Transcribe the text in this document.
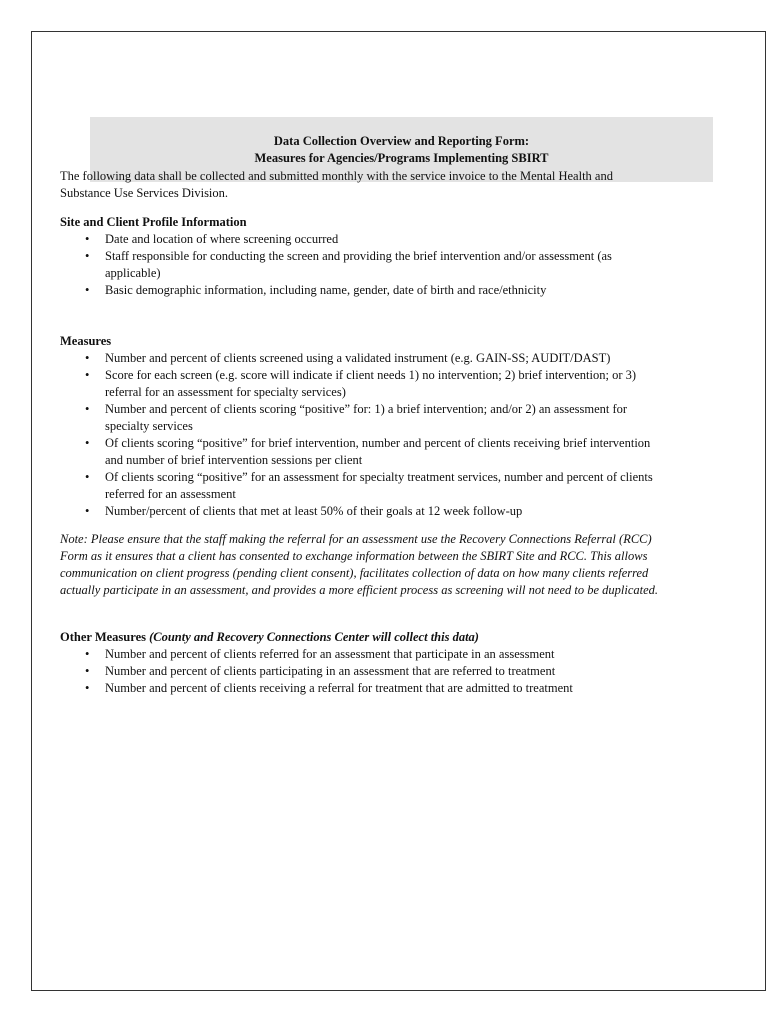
Data Collection Overview and Reporting Form:
Measures for Agencies/Programs Implementing SBIRT

The following data shall be collected and submitted monthly with the service invoice to the Mental Health and Substance Use Services Division.

Site and Client Profile Information
• Date and location of where screening occurred
• Staff responsible for conducting the screen and providing the brief intervention and/or assessment (as applicable)
• Basic demographic information, including name, gender, date of birth and race/ethnicity
Measures
• Number and percent of clients screened using a validated instrument (e.g. GAIN-SS; AUDIT/DAST)
• Score for each screen (e.g. score will indicate if client needs 1) no intervention; 2) brief intervention; or 3) referral for an assessment for specialty services)
• Number and percent of clients scoring “positive” for: 1) a brief intervention; and/or 2) an assessment for specialty services
• Of clients scoring “positive” for brief intervention, number and percent of clients receiving brief intervention and number of brief intervention sessions per client
• Of clients scoring “positive” for an assessment for specialty treatment services, number and percent of clients referred for an assessment
• Number/percent of clients that met at least 50% of their goals at 12 week follow-up

Note: Please ensure that the staff making the referral for an assessment use the Recovery Connections Referral (RCC) Form as it ensures that a client has consented to exchange information between the SBIRT Site and RCC. This allows communication on client progress (pending client consent), facilitates collection of data on how many clients referred actually participate in an assessment, and provides a more efficient process as screening will not need to be duplicated.

Other Measures (County and Recovery Connections Center will collect this data)
• Number and percent of clients referred for an assessment that participate in an assessment
• Number and percent of clients participating in an assessment that are referred to treatment
• Number and percent of clients receiving a referral for treatment that are admitted to treatment
